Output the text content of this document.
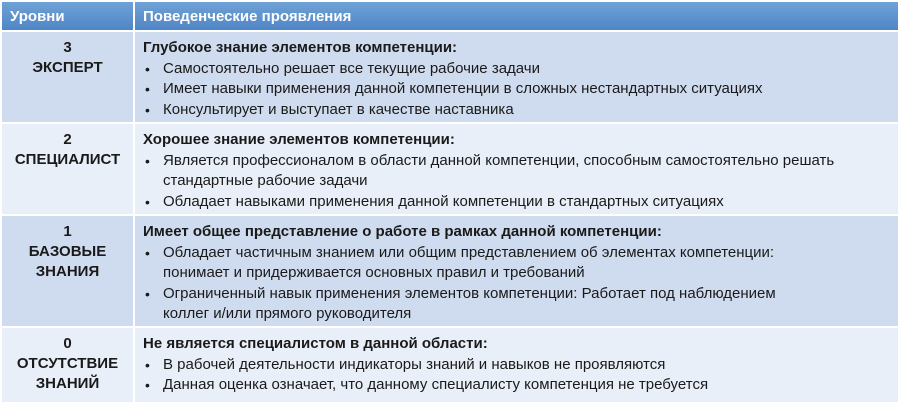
Уровни	Поведенческие проявления
3
ЭКСПЕРТ
Глубокое знание элементов компетенции:
• Самостоятельно решает все текущие рабочие задачи
• Имеет навыки применения данной компетенции в сложных нестандартных ситуациях
• Консультирует и выступает в качестве наставника
2
СПЕЦИАЛИСТ
Хорошее знание элементов компетенции:
• Является профессионалом в области данной компетенции, способным самостоятельно решать
стандартные рабочие задачи
• Обладает навыками применения данной компетенции в стандартных ситуациях
1
БАЗОВЫЕ
ЗНАНИЯ
Имеет общее представление о работе в рамках данной компетенции:
• Обладает частичным знанием или общим представлением об элементах компетенции:
понимает и придерживается основных правил и требований
• Ограниченный навык применения элементов компетенции: Работает под наблюдением
коллег и/или прямого руководителя
0
ОТСУТСТВИЕ
ЗНАНИЙ
Не является специалистом в данной области:
• В рабочей деятельности индикаторы знаний и навыков не проявляются
• Данная оценка означает, что данному специалисту компетенция не требуется
